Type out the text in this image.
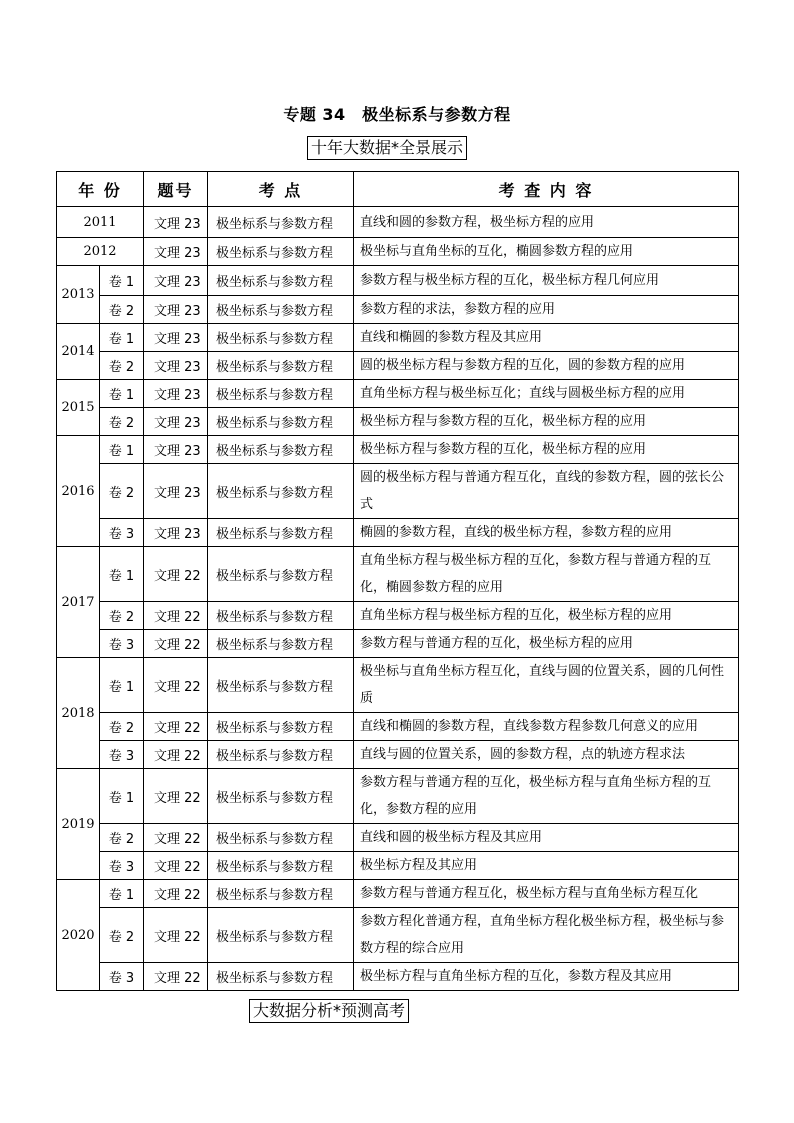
专题 34　极坐标系与参数方程
十年大数据*全景展示
年 份		题号	考 点	考 查 内 容
2011		文理 23	极坐标系与参数方程	直线和圆的参数方程，极坐标方程的应用
2012		文理 23	极坐标系与参数方程	极坐标与直角坐标的互化，椭圆参数方程的应用
2013	卷 1	文理 23	极坐标系与参数方程	参数方程与极坐标方程的互化，极坐标方程几何应用
	卷 2	文理 23	极坐标系与参数方程	参数方程的求法，参数方程的应用
2014	卷 1	文理 23	极坐标系与参数方程	直线和椭圆的参数方程及其应用
	卷 2	文理 23	极坐标系与参数方程	圆的极坐标方程与参数方程的互化，圆的参数方程的应用
2015	卷 1	文理 23	极坐标系与参数方程	直角坐标方程与极坐标互化；直线与圆极坐标方程的应用
	卷 2	文理 23	极坐标系与参数方程	极坐标方程与参数方程的互化，极坐标方程的应用
2016	卷 1	文理 23	极坐标系与参数方程	极坐标方程与参数方程的互化，极坐标方程的应用
	卷 2	文理 23	极坐标系与参数方程	圆的极坐标方程与普通方程互化，直线的参数方程，圆的弦长公式
	卷 3	文理 23	极坐标系与参数方程	椭圆的参数方程，直线的极坐标方程，参数方程的应用
2017	卷 1	文理 22	极坐标系与参数方程	直角坐标方程与极坐标方程的互化，参数方程与普通方程的互化，椭圆参数方程的应用
	卷 2	文理 22	极坐标系与参数方程	直角坐标方程与极坐标方程的互化，极坐标方程的应用
	卷 3	文理 22	极坐标系与参数方程	参数方程与普通方程的互化，极坐标方程的应用
2018	卷 1	文理 22	极坐标系与参数方程	极坐标与直角坐标方程互化，直线与圆的位置关系，圆的几何性质
	卷 2	文理 22	极坐标系与参数方程	直线和椭圆的参数方程，直线参数方程参数几何意义的应用
	卷 3	文理 22	极坐标系与参数方程	直线与圆的位置关系，圆的参数方程，点的轨迹方程求法
2019	卷 1	文理 22	极坐标系与参数方程	参数方程与普通方程的互化，极坐标方程与直角坐标方程的互化，参数方程的应用
	卷 2	文理 22	极坐标系与参数方程	直线和圆的极坐标方程及其应用
	卷 3	文理 22	极坐标系与参数方程	极坐标方程及其应用
2020	卷 1	文理 22	极坐标系与参数方程	参数方程与普通方程互化，极坐标方程与直角坐标方程互化
	卷 2	文理 22	极坐标系与参数方程	参数方程化普通方程，直角坐标方程化极坐标方程，极坐标与参数方程的综合应用
	卷 3	文理 22	极坐标系与参数方程	极坐标方程与直角坐标方程的互化，参数方程及其应用
大数据分析*预测高考
